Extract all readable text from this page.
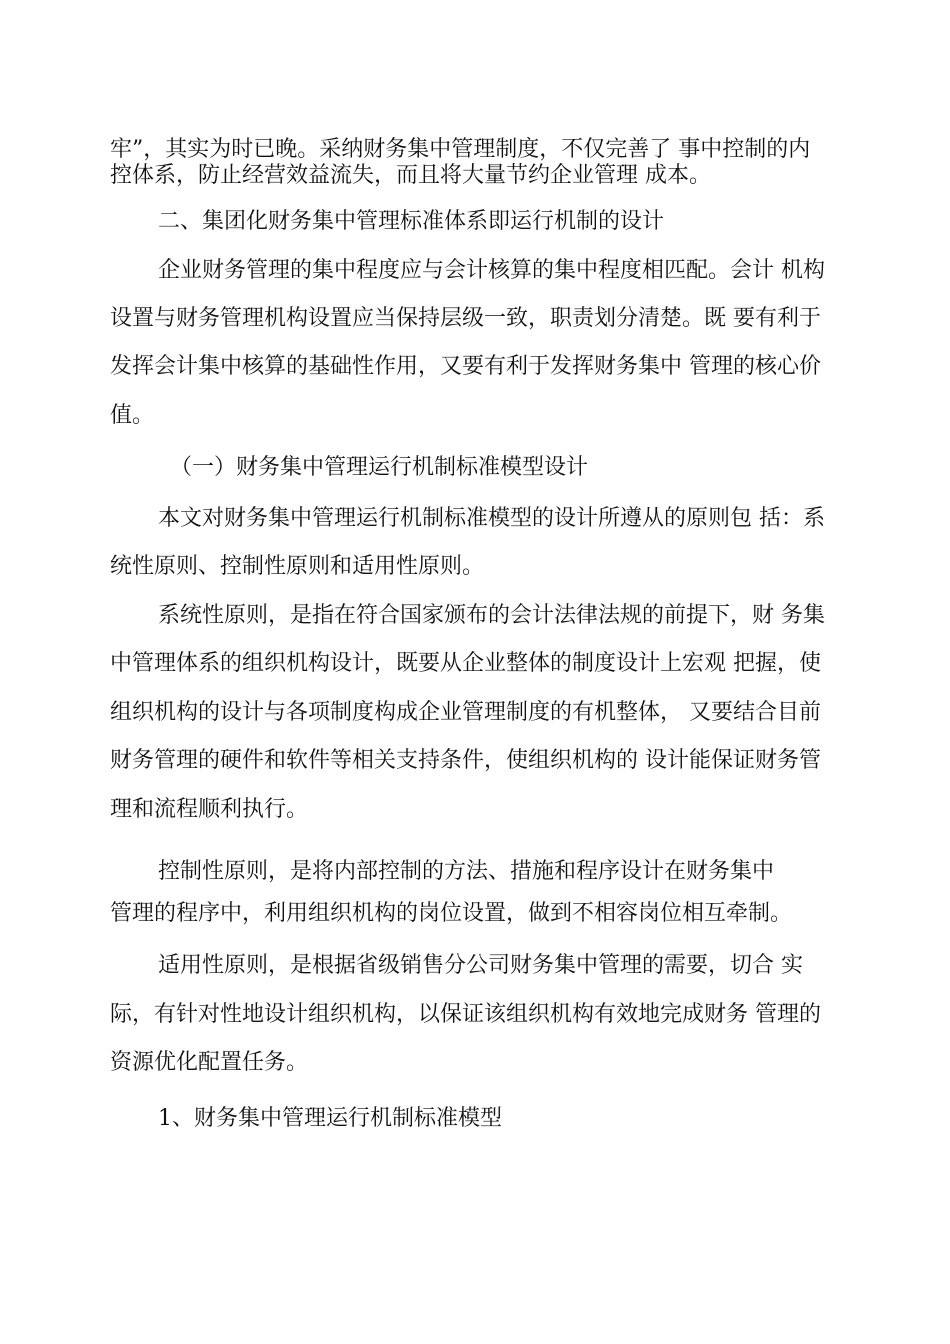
牢”，其实为时已晚。采纳财务集中管理制度，不仅完善了 事中控制的内
控体系，防止经营效益流失，而且将大量节约企业管理 成本。
二、集团化财务集中管理标准体系即运行机制的设计
企业财务管理的集中程度应与会计核算的集中程度相匹配。会计 机构
设置与财务管理机构设置应当保持层级一致，职责划分清楚。既 要有利于
发挥会计集中核算的基础性作用，又要有利于发挥财务集中 管理的核心价
值。
（一）财务集中管理运行机制标准模型设计
本文对财务集中管理运行机制标准模型的设计所遵从的原则包 括：系
统性原则、控制性原则和适用性原则。
系统性原则，是指在符合国家颁布的会计法律法规的前提下，财 务集
中管理体系的组织机构设计，既要从企业整体的制度设计上宏观 把握，使
组织机构的设计与各项制度构成企业管理制度的有机整体， 又要结合目前
财务管理的硬件和软件等相关支持条件，使组织机构的 设计能保证财务管
理和流程顺利执行。
控制性原则，是将内部控制的方法、措施和程序设计在财务集中
管理的程序中，利用组织机构的岗位设置，做到不相容岗位相互牵制。
适用性原则，是根据省级销售分公司财务集中管理的需要，切合 实
际，有针对性地设计组织机构，以保证该组织机构有效地完成财务 管理的
资源优化配置任务。
1、财务集中管理运行机制标准模型
